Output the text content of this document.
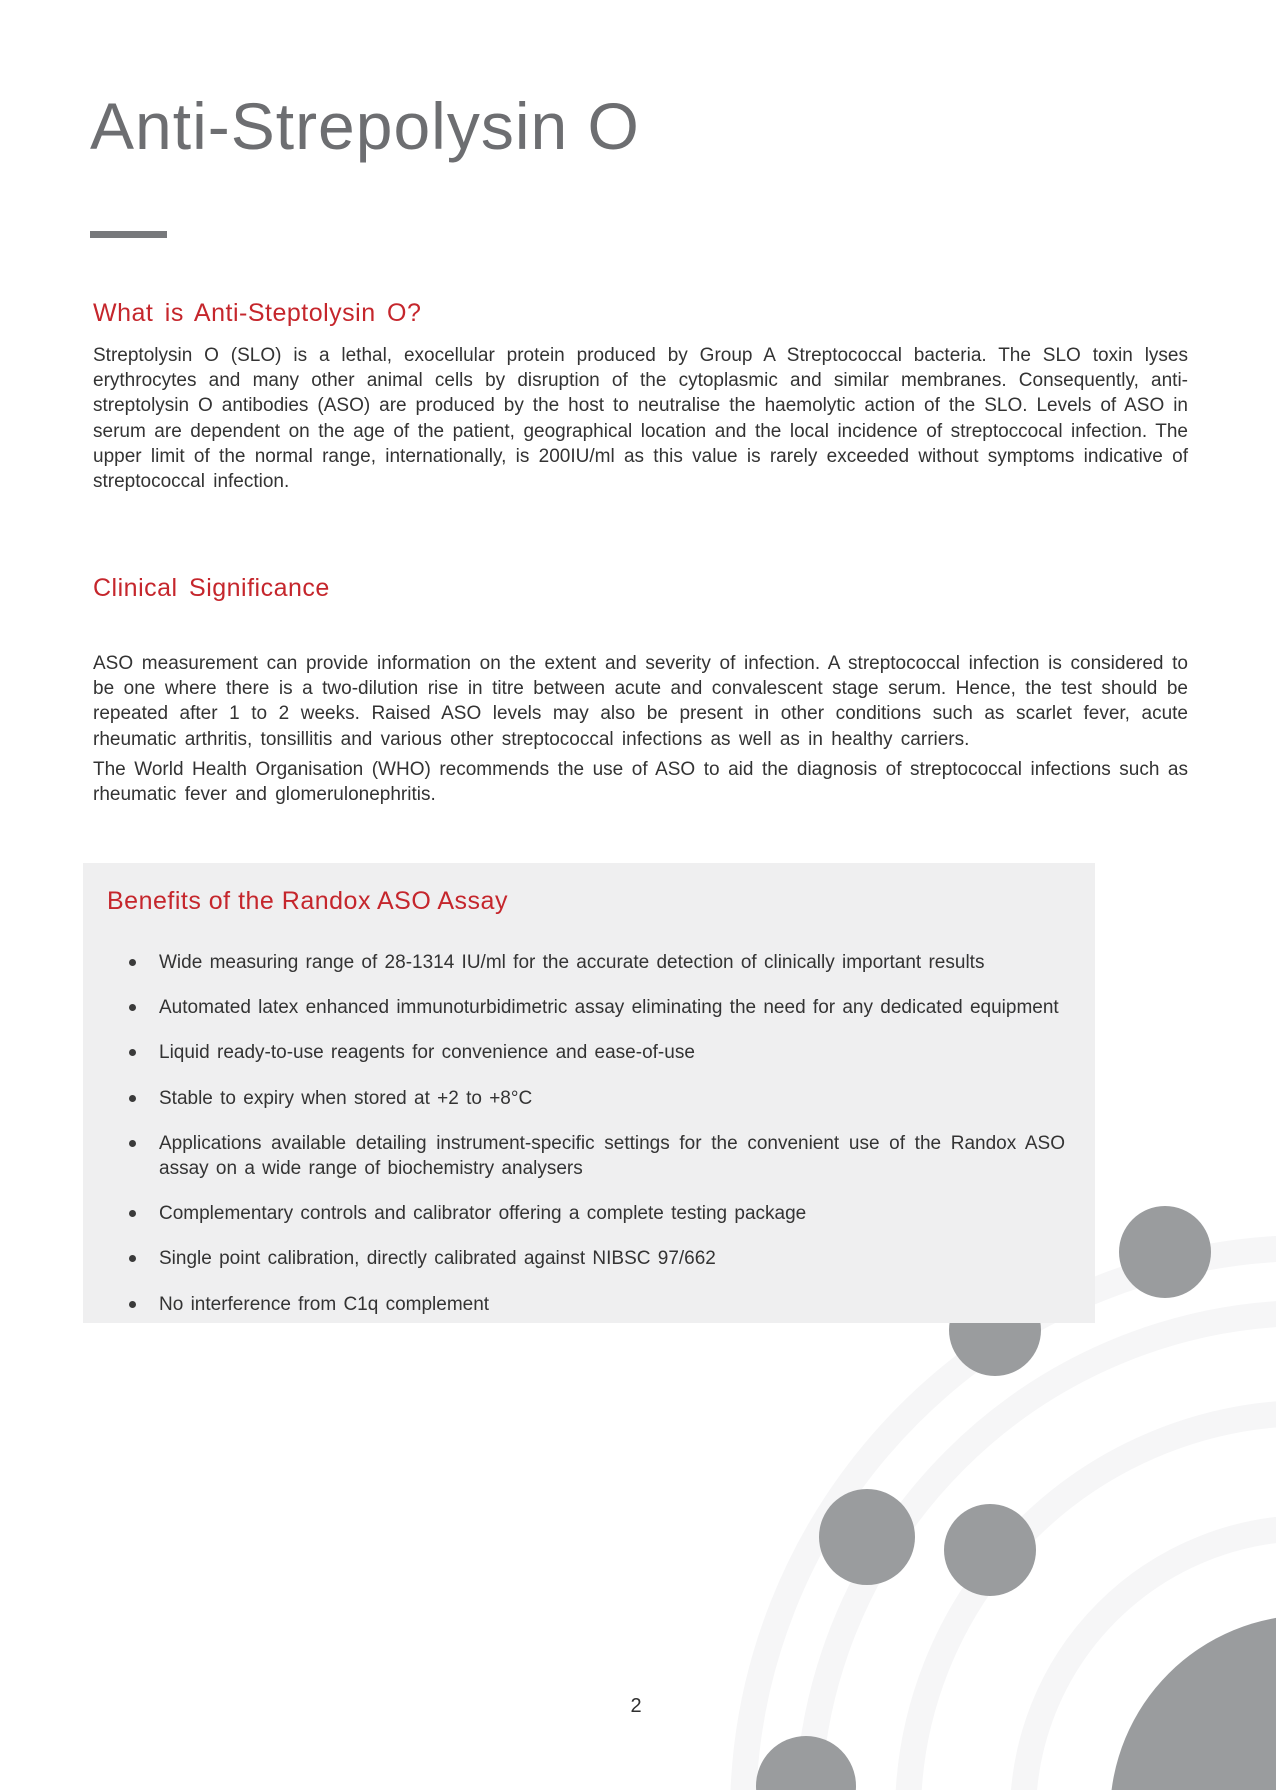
Anti-Strepolysin O
What is Anti-Steptolysin O?
Streptolysin O (SLO) is a lethal, exocellular protein produced by Group A Streptococcal bacteria. The SLO toxin lyses erythrocytes and many other animal cells by disruption of the cytoplasmic and similar membranes. Consequently, anti-streptolysin O antibodies (ASO) are produced by the host to neutralise the haemolytic action of the SLO. Levels of ASO in serum are dependent on the age of the patient, geographical location and the local incidence of streptoccocal infection. The upper limit of the normal range, internationally, is 200IU/ml as this value is rarely exceeded without symptoms indicative of streptococcal infection.
Clinical Significance
ASO measurement can provide information on the extent and severity of infection. A streptococcal infection is considered to be one where there is a two-dilution rise in titre between acute and convalescent stage serum. Hence, the test should be repeated after 1 to 2 weeks. Raised ASO levels may also be present in other conditions such as scarlet fever, acute rheumatic arthritis, tonsillitis and various other streptococcal infections as well as in healthy carriers.
The World Health Organisation (WHO) recommends the use of ASO to aid the diagnosis of streptococcal infections such as rheumatic fever and glomerulonephritis.
Benefits of the Randox ASO Assay
Wide measuring range of 28-1314 IU/ml for the accurate detection of clinically important results
Automated latex enhanced immunoturbidimetric assay eliminating the need for any dedicated equipment
Liquid ready-to-use reagents for convenience and ease-of-use
Stable to expiry when stored at +2 to +8°C
Applications available detailing instrument-specific settings for the convenient use of the Randox ASO assay on a wide range of biochemistry analysers
Complementary controls and calibrator offering a complete testing package
Single point calibration, directly calibrated against NIBSC 97/662
No interference from C1q complement
2
